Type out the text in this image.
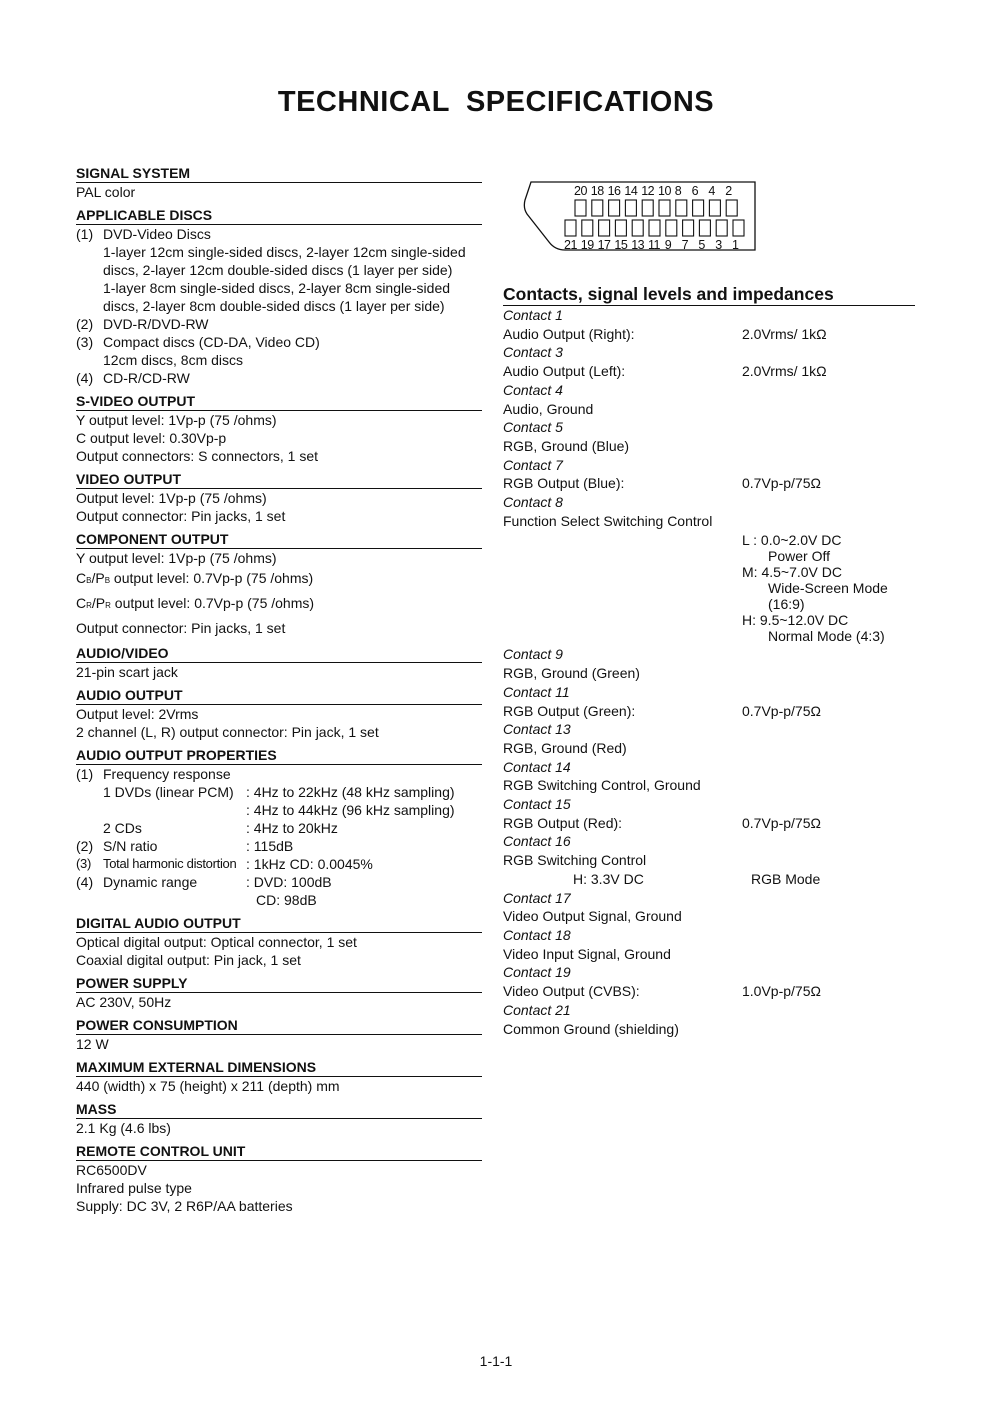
TECHNICAL SPECIFICATIONS
20 18 16 14 12 10 8 6 4 2
21 19 17 15 13 11 9 7 5 3 1
SIGNAL SYSTEM
PAL color
APPLICABLE DISCS
(1) DVD-Video Discs
1-layer 12cm single-sided discs, 2-layer 12cm single-sided
discs, 2-layer 12cm double-sided discs (1 layer per side)
1-layer 8cm single-sided discs, 2-layer 8cm single-sided
discs, 2-layer 8cm double-sided discs (1 layer per side)
(2) DVD-R/DVD-RW
(3) Compact discs (CD-DA, Video CD)
12cm discs, 8cm discs
(4) CD-R/CD-RW
S-VIDEO OUTPUT
Y output level: 1Vp-p (75 /ohms)
C output level: 0.30Vp-p
Output connectors: S connectors, 1 set
VIDEO OUTPUT
Output level: 1Vp-p (75 /ohms)
Output connector: Pin jacks, 1 set
COMPONENT OUTPUT
Y output level: 1Vp-p (75 /ohms)
CB/PB output level: 0.7Vp-p (75 /ohms)
CR/PR output level: 0.7Vp-p (75 /ohms)
Output connector: Pin jacks, 1 set
AUDIO/VIDEO
21-pin scart jack
AUDIO OUTPUT
Output level: 2Vrms
2 channel (L, R) output connector: Pin jack, 1 set
AUDIO OUTPUT PROPERTIES
(1) Frequency response
1 DVDs (linear PCM) : 4Hz to 22kHz (48 kHz sampling)
: 4Hz to 44kHz (96 kHz sampling)
2 CDs	: 4Hz to 20kHz
(2) S/N ratio	: 115dB
(3) Total harmonic distortion : 1kHz CD: 0.0045%
(4) Dynamic range	: DVD: 100dB
CD: 98dB
DIGITAL AUDIO OUTPUT
Optical digital output: Optical connector, 1 set
Coaxial digital output: Pin jack, 1 set
POWER SUPPLY
AC 230V, 50Hz
POWER CONSUMPTION
12 W
MAXIMUM EXTERNAL DIMENSIONS
440 (width) x 75 (height) x 211 (depth) mm
MASS
2.1 Kg (4.6 lbs)
REMOTE CONTROL UNIT
RC6500DV
Infrared pulse type
Supply: DC 3V, 2 R6P/AA batteries
Contacts, signal levels and impedances
Contact 1
Audio Output (Right):	2.0Vrms/ 1kΩ
Contact 3
Audio Output (Left):	2.0Vrms/ 1kΩ
Contact 4
Audio, Ground
Contact 5
RGB, Ground (Blue)
Contact 7
RGB Output (Blue):	0.7Vp-p/75Ω
Contact 8
Function Select Switching Control
L : 0.0~2.0V DC
Power Off
M: 4.5~7.0V DC
Wide-Screen Mode
(16:9)
H: 9.5~12.0V DC
Normal Mode (4:3)
Contact 9
RGB, Ground (Green)
Contact 11
RGB Output (Green):	0.7Vp-p/75Ω
Contact 13
RGB, Ground (Red)
Contact 14
RGB Switching Control, Ground
Contact 15
RGB Output (Red):	0.7Vp-p/75Ω
Contact 16
RGB Switching Control
H: 3.3V DC	RGB Mode
Contact 17
Video Output Signal, Ground
Contact 18
Video Input Signal, Ground
Contact 19
Video Output (CVBS):	1.0Vp-p/75Ω
Contact 21
Common Ground (shielding)
1-1-1
